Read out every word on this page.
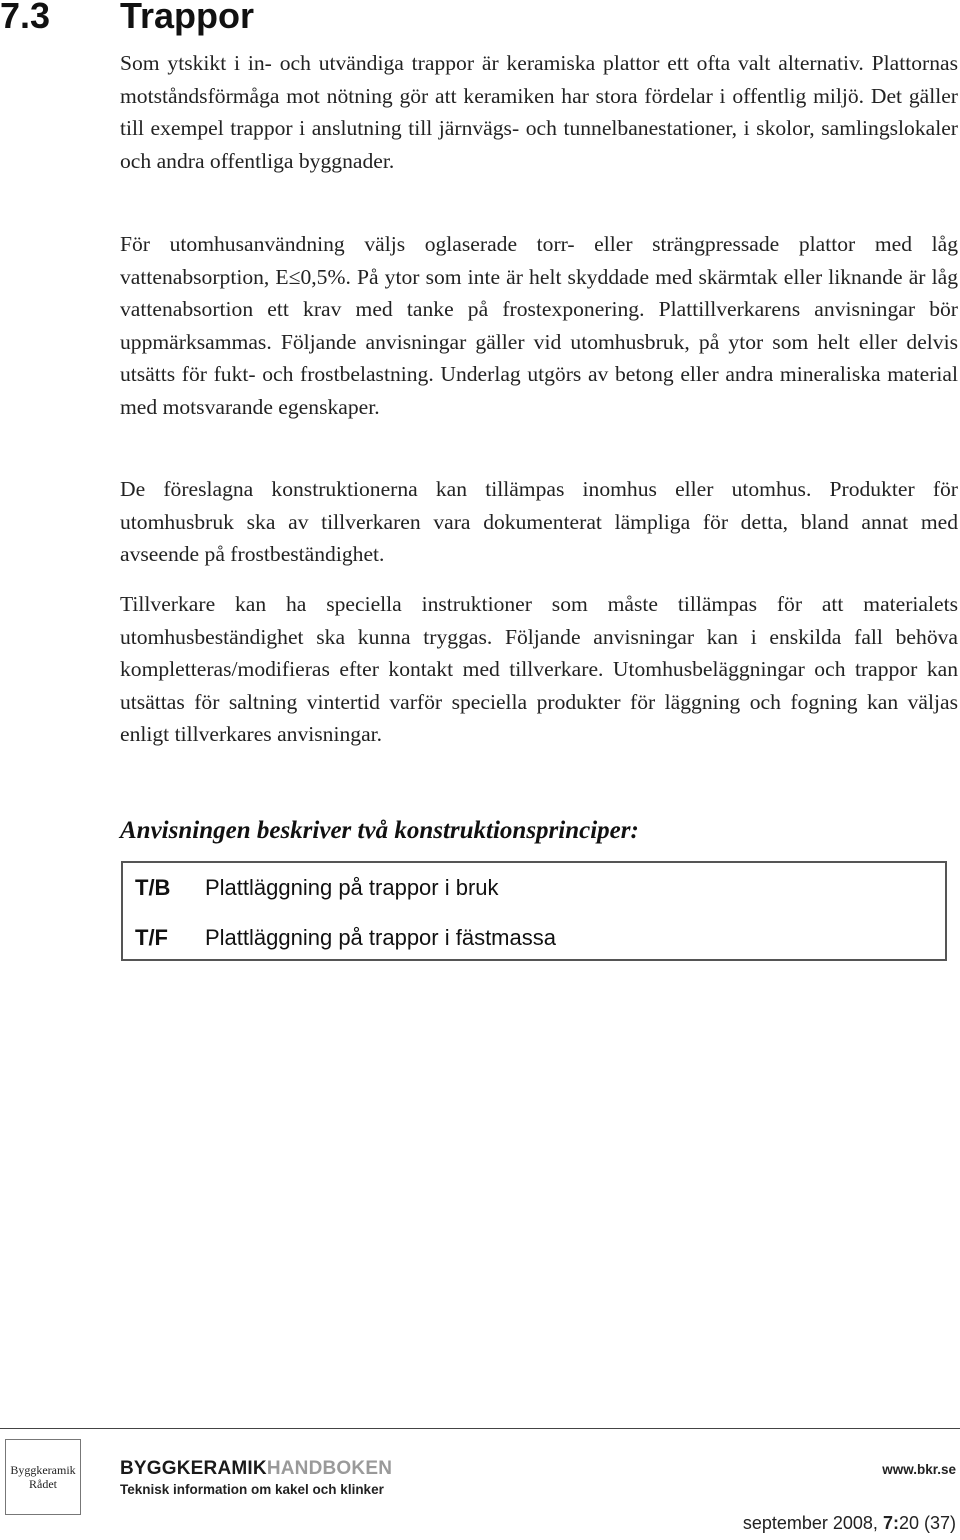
7.3 Trappor

Som ytskikt i in- och utvändiga trappor är keramiska plattor ett ofta valt alternativ. Plattornas motståndsförmåga mot nötning gör att keramiken har stora fördelar i offentlig miljö. Det gäller till exempel trappor i anslutning till järnvägs- och tunnelbanestationer, i skolor, samlingslokaler och andra offentliga byggnader.

För utomhusanvändning väljs oglaserade torr- eller strängpressade plattor med låg vattenabsorption, E≤0,5%. På ytor som inte är helt skyddade med skärmtak eller liknande är låg vattenabsortion ett krav med tanke på frostexponering. Plattillverkarens anvisningar bör uppmärksammas. Följande anvisningar gäller vid utomhusbruk, på ytor som helt eller delvis utsätts för fukt- och frostbelastning. Underlag utgörs av betong eller andra mineraliska material med motsvarande egenskaper.

De föreslagna konstruktionerna kan tillämpas inomhus eller utomhus. Produkter för utomhusbruk ska av tillverkaren vara dokumenterat lämpliga för detta, bland annat med avseende på frostbeständighet.

Tillverkare kan ha speciella instruktioner som måste tillämpas för att materialets utomhusbeständighet ska kunna tryggas. Följande anvisningar kan i enskilda fall behöva kompletteras/modifieras efter kontakt med tillverkare. Utomhusbeläggningar och trappor kan utsättas för saltning vintertid varför speciella produkter för läggning och fogning kan väljas enligt tillverkares anvisningar.

Anvisningen beskriver två konstruktionsprinciper:
T/B Plattläggning på trappor i bruk
T/F Plattläggning på trappor i fästmassa
Byggkeramik
Rådet
BYGGKERAMIKHANDBOKEN
Teknisk information om kakel och klinker
www.bkr.se
september 2008, 7:20 (37)
